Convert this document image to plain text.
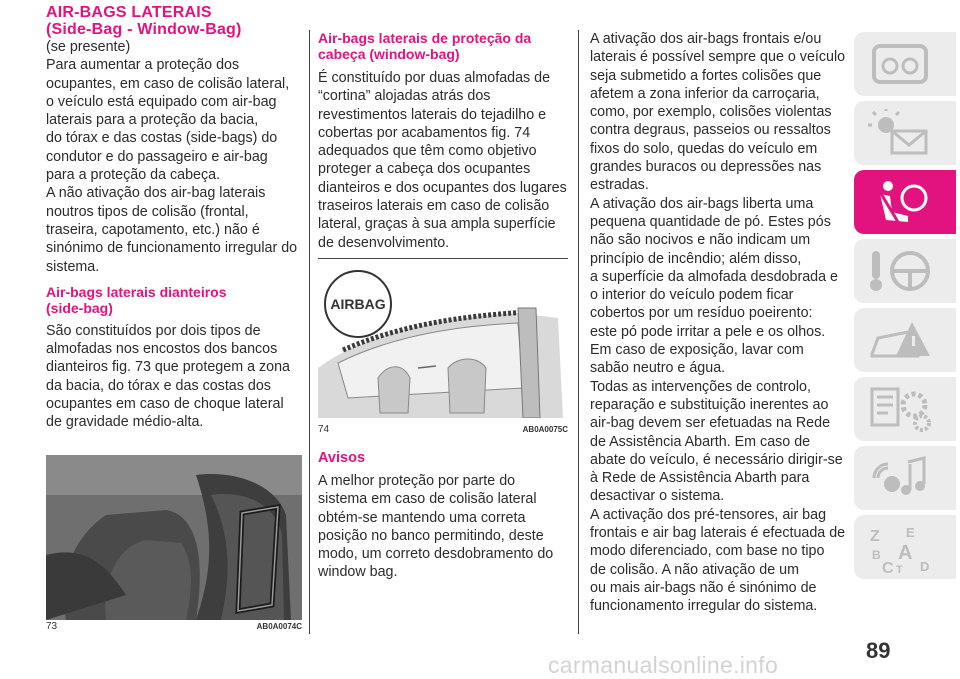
AIR-BAGS LATERAIS
(Side-Bag - Window-Bag)

(se presente)

Para aumentar a proteção dos
ocupantes, em caso de colisão lateral,
o veículo está equipado com air-bag
laterais para a proteção da bacia,
do tórax e das costas (side-bags) do
condutor e do passageiro e air-bag
para a proteção da cabeça.
A não ativação dos air-bag laterais
noutros tipos de colisão (frontal,
traseira, capotamento, etc.) não é
sinónimo de funcionamento irregular do
sistema.

Air-bags laterais dianteiros
(side-bag)

São constituídos por dois tipos de
almofadas nos encostos dos bancos
dianteiros fig. 73 que protegem a zona
da bacia, do tórax e das costas dos
ocupantes em caso de choque lateral
de gravidade médio-alta.

73	AB0A0074C

Air-bags laterais de proteção da
cabeça (window-bag)

É constituído por duas almofadas de
“cortina” alojadas atrás dos
revestimentos laterais do tejadilho e
cobertas por acabamentos fig. 74
adequados que têm como objetivo
proteger a cabeça dos ocupantes
dianteiros e dos ocupantes dos lugares
traseiros laterais em caso de colisão
lateral, graças à sua ampla superfície
de desenvolvimento.

AIRBAG
74	AB0A0075C

Avisos

A melhor proteção por parte do
sistema em caso de colisão lateral
obtém-se mantendo uma correta
posição no banco permitindo, deste
modo, um correto desdobramento do
window bag.

A ativação dos air-bags frontais e/ou
laterais é possível sempre que o veículo
seja submetido a fortes colisões que
afetem a zona inferior da carroçaria,
como, por exemplo, colisões violentas
contra degraus, passeios ou ressaltos
fixos do solo, quedas do veículo em
grandes buracos ou depressões nas
estradas.
A ativação dos air-bags liberta uma
pequena quantidade de pó. Estes pós
não são nocivos e não indicam um
princípio de incêndio; além disso,
a superfície da almofada desdobrada e
o interior do veículo podem ficar
cobertos por um resíduo poeirento:
este pó pode irritar a pele e os olhos.
Em caso de exposição, lavar com
sabão neutro e água.
Todas as intervenções de controlo,
reparação e substituição inerentes ao
air-bag devem ser efetuadas na Rede
de Assistência Abarth. Em caso de
abate do veículo, é necessário dirigir-se
à Rede de Assistência Abarth para
desactivar o sistema.
A activação dos pré-tensores, air bag
frontais e air bag laterais é efectuada de
modo diferenciado, com base no tipo
de colisão. A não ativação de um
ou mais air-bags não é sinónimo de
funcionamento irregular do sistema.

Z E
A
B
C T D
89
carmanualsonline.info
